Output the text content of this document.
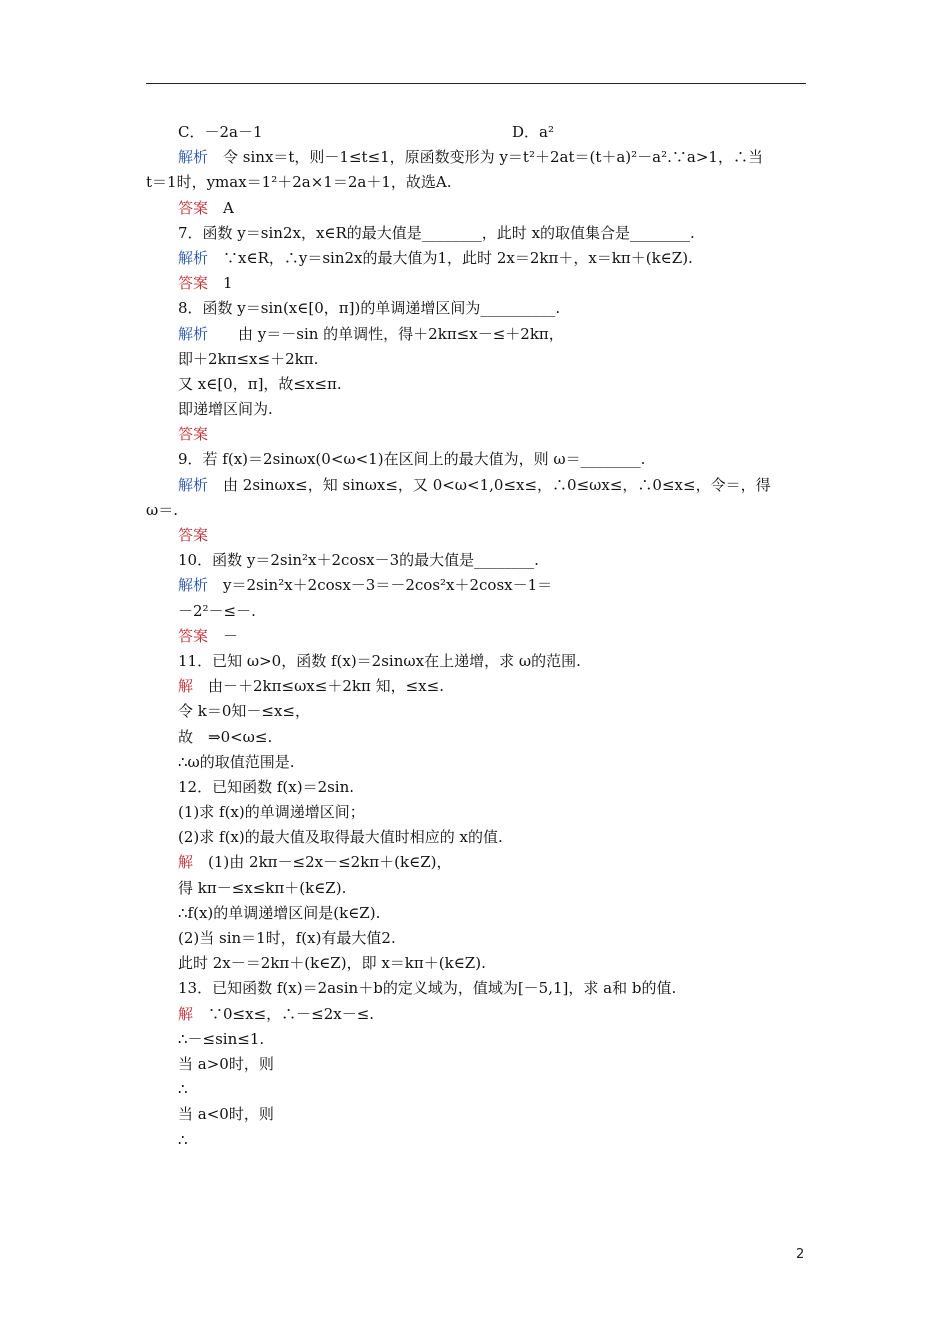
C．－2a－1	D．a²
解析　令 sinx＝t，则－1≤t≤1，原函数变形为 y＝t²＋2at＝(t＋a)²－a².∵a>1，∴当
t＝1时，ymax＝1²＋2a×1＝2a＋1，故选A.
答案　A
7．函数 y＝sin2x，x∈R的最大值是________，此时 x的取值集合是________.
解析　∵x∈R，∴y＝sin2x的最大值为1，此时 2x＝2kπ＋，x＝kπ＋(k∈Z).
答案　1
8．函数 y＝sin(x∈[0，π])的单调递增区间为__________.
解析　　由 y＝－sin 的单调性，得＋2kπ≤x－≤＋2kπ，
即＋2kπ≤x≤＋2kπ.
又 x∈[0，π]，故≤x≤π.
即递增区间为.
答案
9．若 f(x)＝2sinωx(0<ω<1)在区间上的最大值为，则 ω＝________.
解析　由 2sinωx≤，知 sinωx≤，又 0<ω<1,0≤x≤，∴0≤ωx≤，∴0≤x≤，令＝，得
ω＝.
答案
10．函数 y＝2sin²x＋2cosx－3的最大值是________.
解析　y＝2sin²x＋2cosx－3＝－2cos²x＋2cosx－1＝
－2²－≤－.
答案　－
11．已知 ω>0，函数 f(x)＝2sinωx在上递增，求 ω的范围.
解　由－＋2kπ≤ωx≤＋2kπ 知，≤x≤.
令 k＝0知－≤x≤，
故　⇒0<ω≤.
∴ω的取值范围是.
12．已知函数 f(x)＝2sin.
(1)求 f(x)的单调递增区间；
(2)求 f(x)的最大值及取得最大值时相应的 x的值.
解　(1)由 2kπ－≤2x－≤2kπ＋(k∈Z)，
得 kπ－≤x≤kπ＋(k∈Z).
∴f(x)的单调递增区间是(k∈Z).
(2)当 sin＝1时，f(x)有最大值2.
此时 2x－＝2kπ＋(k∈Z)，即 x＝kπ＋(k∈Z).
13．已知函数 f(x)＝2asin＋b的定义域为，值域为[－5,1]，求 a和 b的值.
解　∵0≤x≤，∴－≤2x－≤.
∴－≤sin≤1.
当 a>0时，则
∴
当 a<0时，则
∴
2
